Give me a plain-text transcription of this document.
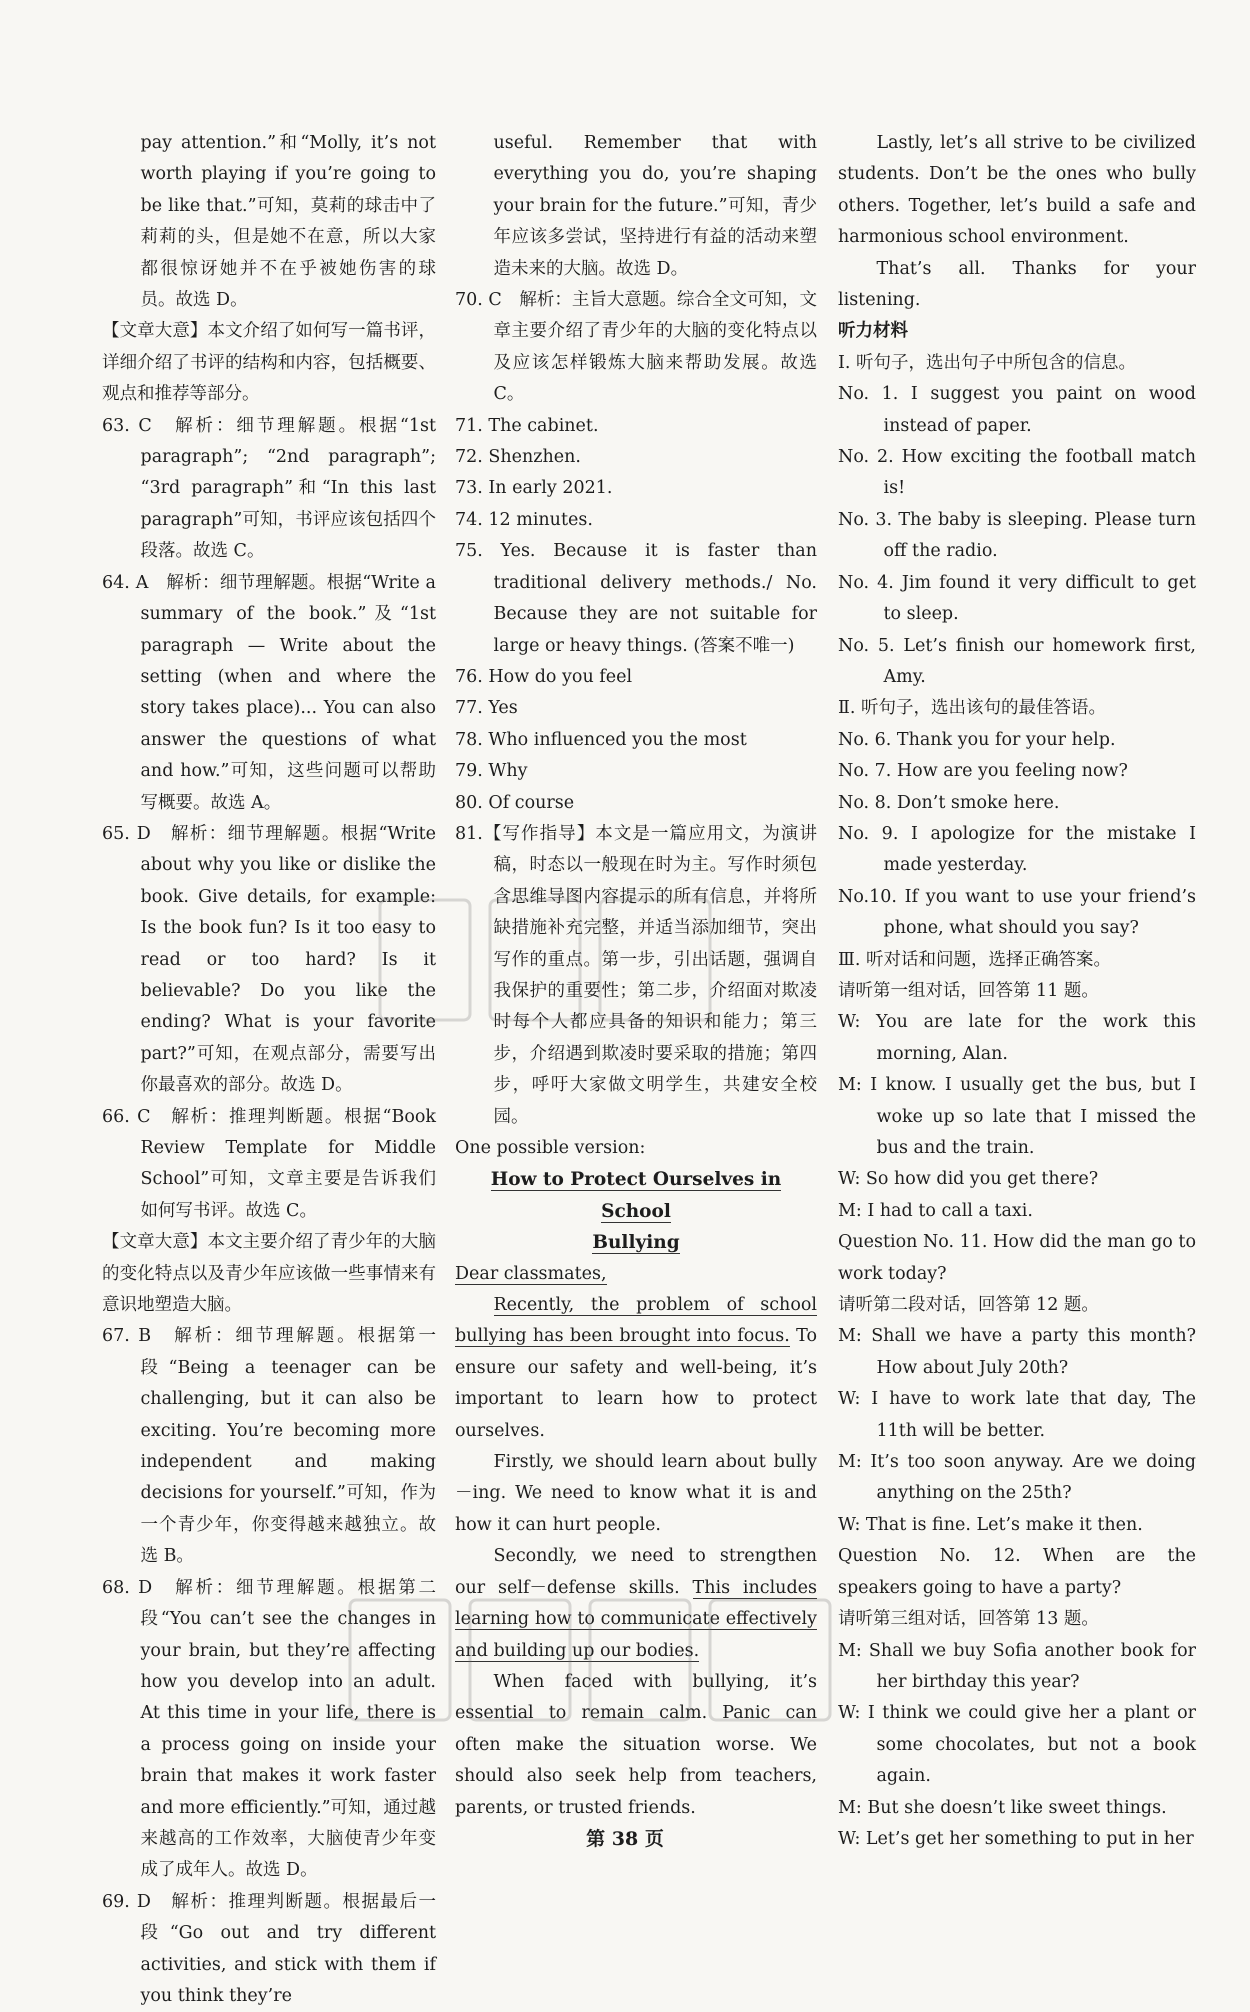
pay attention.”和“Molly, it’s not worth playing if you’re going to be like that.”可知，莫莉的球击中了莉莉的头，但是她不在意，所以大家都很惊讶她并不在乎被她伤害的球员。故选 D。

【文章大意】本文介绍了如何写一篇书评，详细介绍了书评的结构和内容，包括概要、观点和推荐等部分。

63. C　解析：细节理解题。根据“1st paragraph”; “2nd paragraph”; “3rd paragraph”和“In this last paragraph”可知，书评应该包括四个段落。故选 C。

64. A　解析：细节理解题。根据“Write a summary of the book.”及“1st paragraph — Write about the setting (when and where the story takes place)... You can also answer the questions of what and how.”可知，这些问题可以帮助写概要。故选 A。

65. D　解析：细节理解题。根据“Write about why you like or dislike the book. Give details, for example: Is the book fun? Is it too easy to read or too hard? Is it believable? Do you like the ending? What is your favorite part?”可知，在观点部分，需要写出你最喜欢的部分。故选 D。

66. C　解析：推理判断题。根据“Book Review Template for Middle School”可知，文章主要是告诉我们如何写书评。故选 C。

【文章大意】本文主要介绍了青少年的大脑的变化特点以及青少年应该做一些事情来有意识地塑造大脑。

67. B　解析：细节理解题。根据第一段“Being a teenager can be challenging, but it can also be exciting. You’re becoming more independent and making decisions for yourself.”可知，作为一个青少年，你变得越来越独立。故选 B。

68. D　解析：细节理解题。根据第二段“You can’t see the changes in your brain, but they’re affecting how you develop into an adult. At this time in your life, there is a process going on inside your brain that makes it work faster and more efficiently.”可知，通过越来越高的工作效率，大脑使青少年变成了成年人。故选 D。

69. D　解析：推理判断题。根据最后一段“Go out and try different activities, and stick with them if you think they’re

useful. Remember that with everything you do, you’re shaping your brain for the future.”可知，青少年应该多尝试，坚持进行有益的活动来塑造未来的大脑。故选 D。

70. C　解析：主旨大意题。综合全文可知，文章主要介绍了青少年的大脑的变化特点以及应该怎样锻炼大脑来帮助发展。故选 C。

71. The cabinet.

72. Shenzhen.

73. In early 2021.

74. 12 minutes.

75. Yes. Because it is faster than traditional delivery methods./ No. Because they are not suitable for large or heavy things. (答案不唯一)

76. How do you feel

77. Yes

78. Who influenced you the most

79. Why

80. Of course

81.【写作指导】本文是一篇应用文，为演讲稿，时态以一般现在时为主。写作时须包含思维导图内容提示的所有信息，并将所缺措施补充完整，并适当添加细节，突出写作的重点。第一步，引出话题，强调自我保护的重要性；第二步，介绍面对欺凌时每个人都应具备的知识和能力；第三步，介绍遇到欺凌时要采取的措施；第四步，呼吁大家做文明学生，共建安全校园。

One possible version:

How to Protect Ourselves in School

Bullying

Dear classmates,

Recently, the problem of school bullying has been brought into focus. To ensure our safety and well-being, it’s important to learn how to protect ourselves.

Firstly, we should learn about bully－ing. We need to know what it is and how it can hurt people.

Secondly, we need to strengthen our self－defense skills. This includes learning how to communicate effectively and building up our bodies.

When faced with bullying, it’s essential to remain calm. Panic can often make the situation worse. We should also seek help from teachers, parents, or trusted friends.

Lastly, let’s all strive to be civilized students. Don’t be the ones who bully others. Together, let’s build a safe and harmonious school environment.

That’s all. Thanks for your listening.

听力材料

Ⅰ. 听句子，选出句子中所包含的信息。

No. 1. I suggest you paint on wood instead of paper.

No. 2. How exciting the football match is!

No. 3. The baby is sleeping. Please turn off the radio.

No. 4. Jim found it very difficult to get to sleep.

No. 5. Let’s finish our homework first, Amy.

Ⅱ. 听句子，选出该句的最佳答语。

No. 6. Thank you for your help.

No. 7. How are you feeling now?

No. 8. Don’t smoke here.

No. 9. I apologize for the mistake I made yesterday.

No.10. If you want to use your friend’s phone, what should you say?

Ⅲ. 听对话和问题，选择正确答案。

请听第一组对话，回答第 11 题。

W: You are late for the work this morning, Alan.

M: I know. I usually get the bus, but I woke up so late that I missed the bus and the train.

W: So how did you get there?

M: I had to call a taxi.

Question No. 11. How did the man go to work today?

请听第二段对话，回答第 12 题。

M: Shall we have a party this month? How about July 20th?

W: I have to work late that day, The 11th will be better.

M: It’s too soon anyway. Are we doing anything on the 25th?

W: That is fine. Let’s make it then.

Question No. 12. When are the speakers going to have a party?

请听第三组对话，回答第 13 题。

M: Shall we buy Sofia another book for her birthday this year?

W: I think we could give her a plant or some chocolates, but not a book again.

M: But she doesn’t like sweet things.

W: Let’s get her something to put in her

第 38 页
